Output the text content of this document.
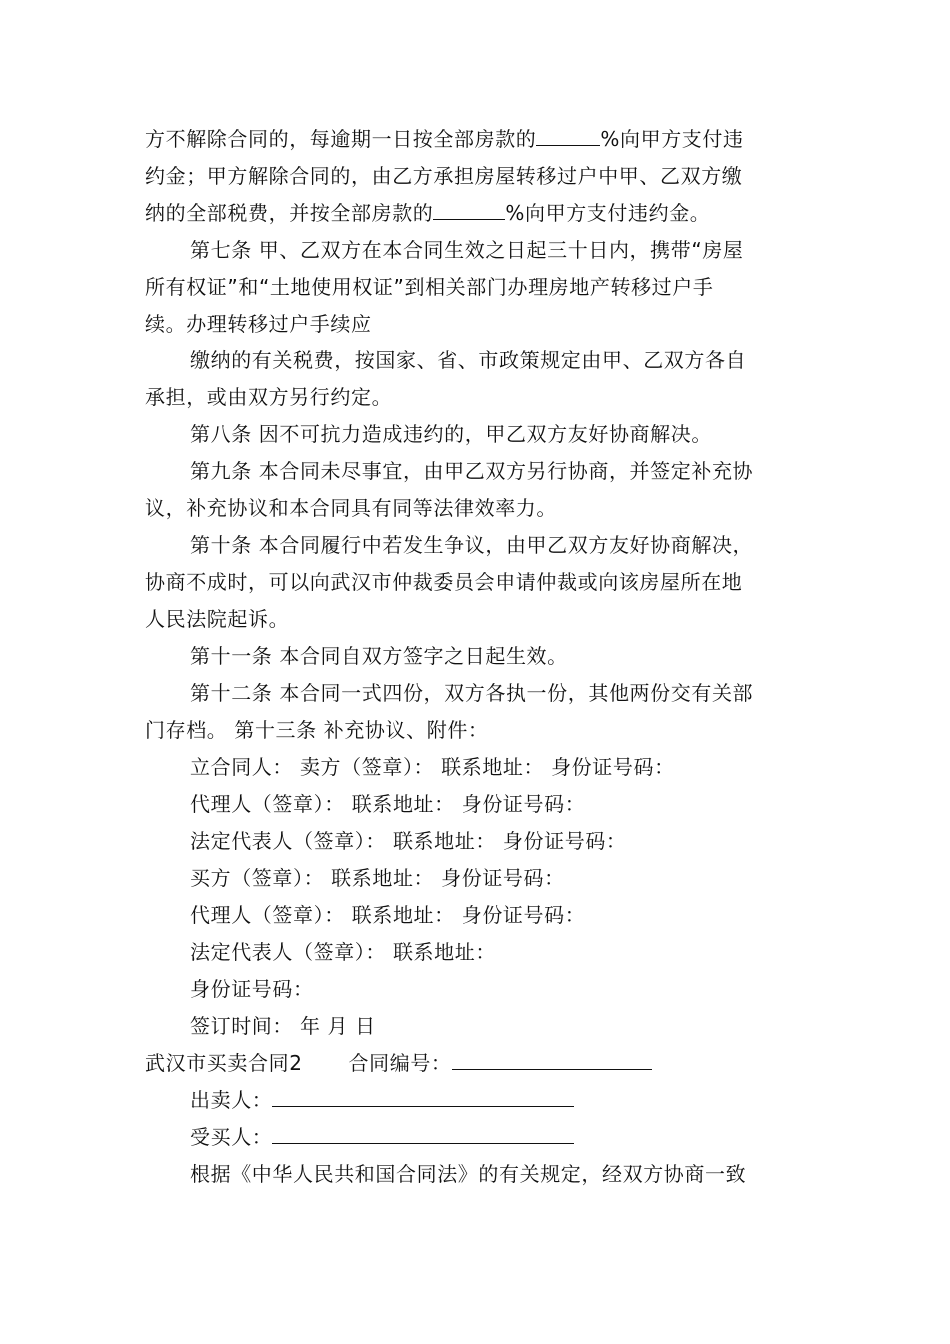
方不解除合同的，每逾期一日按全部房款的	%向甲方支付违
约金；甲方解除合同的，由乙方承担房屋转移过户中甲、乙双方缴
纳的全部税费，并按全部房款的	%向甲方支付违约金。
第七条 甲、乙双方在本合同生效之日起三十日内，携带“房屋
所有权证”和“土地使用权证”到相关部门办理房地产转移过户手
续。办理转移过户手续应
缴纳的有关税费，按国家、省、市政策规定由甲、乙双方各自
承担，或由双方另行约定。
第八条 因不可抗力造成违约的，甲乙双方友好协商解决。
第九条 本合同未尽事宜，由甲乙双方另行协商，并签定补充协
议，补充协议和本合同具有同等法律效率力。
第十条 本合同履行中若发生争议，由甲乙双方友好协商解决，
协商不成时，可以向武汉市仲裁委员会申请仲裁或向该房屋所在地
人民法院起诉。
第十一条 本合同自双方签字之日起生效。
第十二条 本合同一式四份，双方各执一份，其他两份交有关部
门存档。 第十三条 补充协议、附件：
立合同人： 卖方（签章）： 联系地址： 身份证号码：
代理人（签章）： 联系地址： 身份证号码：
法定代表人（签章）： 联系地址： 身份证号码：
买方（签章）： 联系地址： 身份证号码：
代理人（签章）： 联系地址： 身份证号码：
法定代表人（签章）： 联系地址：
身份证号码：
签订时间： 年 月 日
武汉市买卖合同2 合同编号：
出卖人：
受买人：
根据《中华人民共和国合同法》的有关规定，经双方协商一致
